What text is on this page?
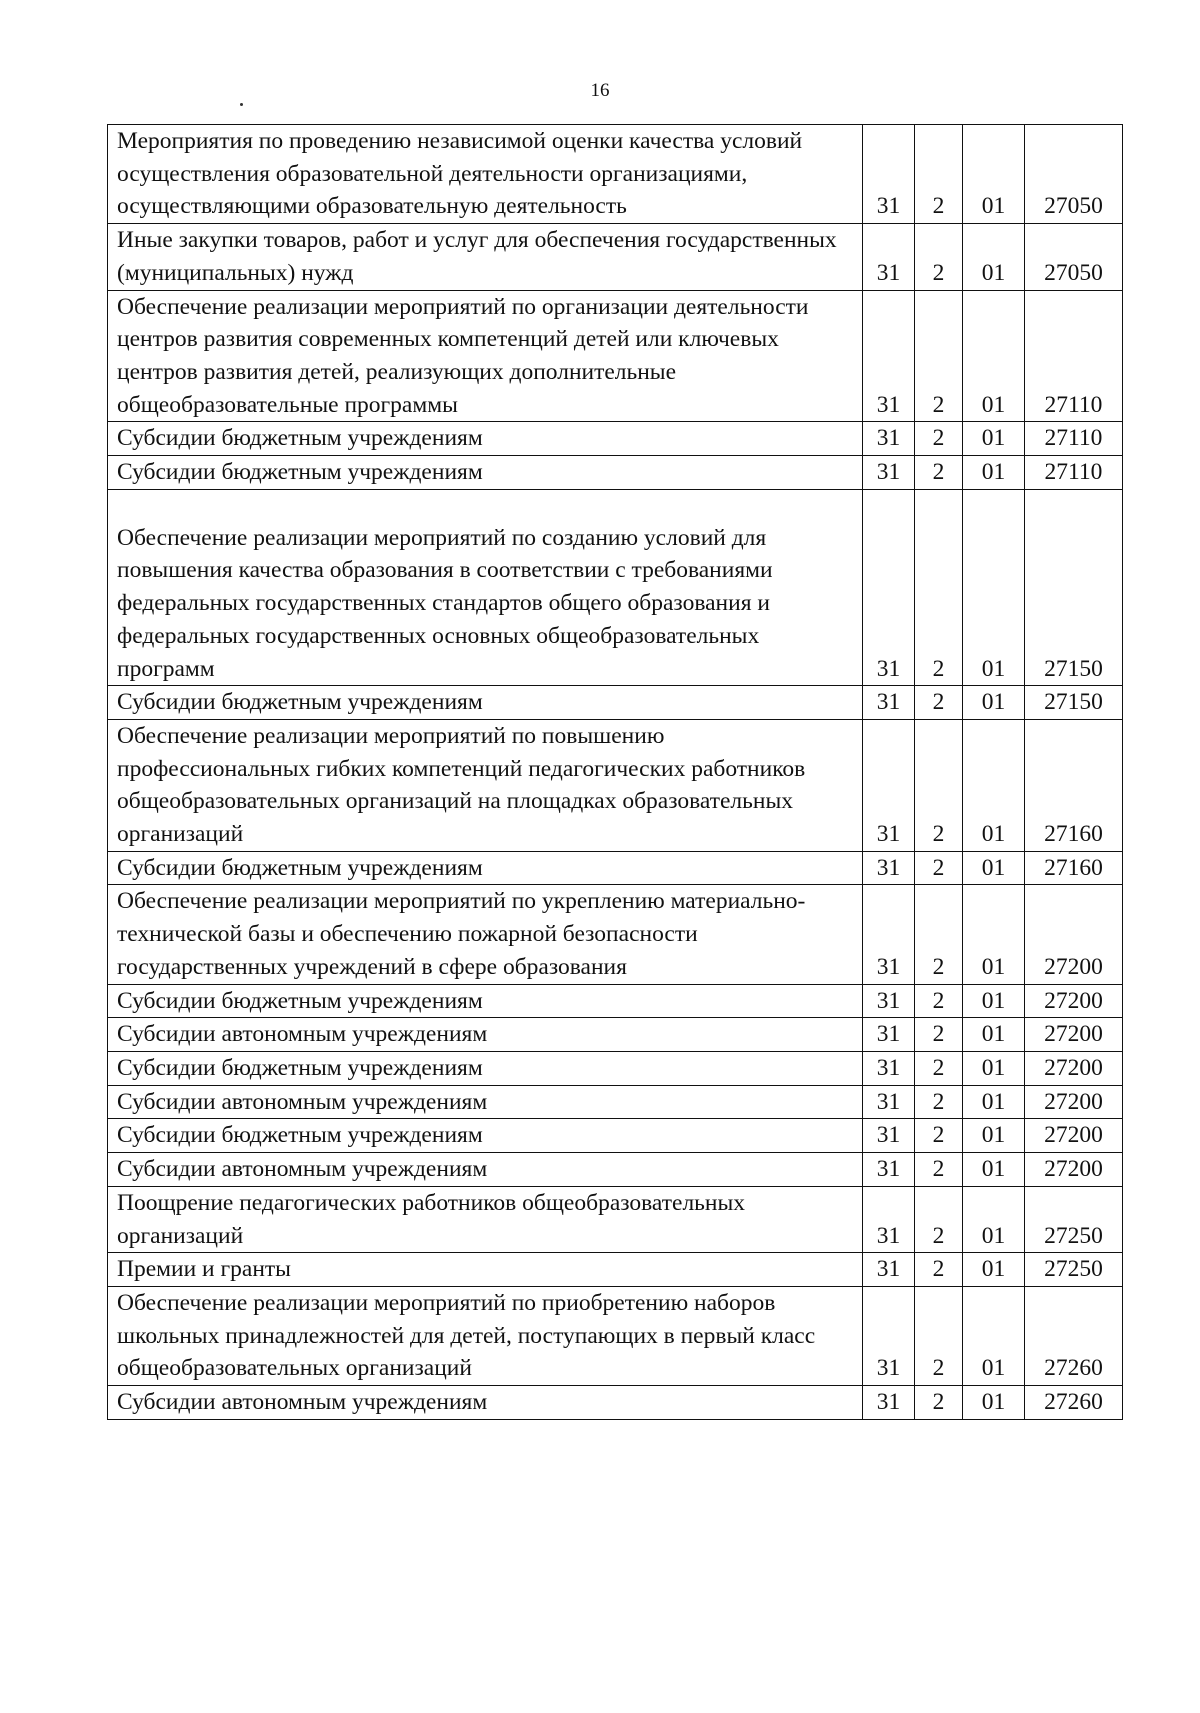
16
Мероприятия по проведению независимой оценки качества условий осуществления образовательной деятельности организациями, осуществляющими образовательную деятельность	31	2	01	27050
Иные закупки товаров, работ и услуг для обеспечения государственных (муниципальных) нужд	31	2	01	27050
Обеспечение реализации мероприятий по организации деятельности центров развития современных компетенций детей или ключевых центров развития детей, реализующих дополнительные общеобразовательные программы	31	2	01	27110
Субсидии бюджетным учреждениям	31	2	01	27110
Субсидии бюджетным учреждениям	31	2	01	27110
Обеспечение реализации мероприятий по созданию условий для повышения качества образования в соответствии с требованиями федеральных государственных стандартов общего образования и федеральных государственных основных общеобразовательных программ	31	2	01	27150
Субсидии бюджетным учреждениям	31	2	01	27150
Обеспечение реализации мероприятий по повышению профессиональных гибких компетенций педагогических работников общеобразовательных организаций на площадках образовательных организаций	31	2	01	27160
Субсидии бюджетным учреждениям	31	2	01	27160
Обеспечение реализации мероприятий по укреплению материально-технической базы и обеспечению пожарной безопасности государственных учреждений в сфере образования	31	2	01	27200
Субсидии бюджетным учреждениям	31	2	01	27200
Субсидии автономным учреждениям	31	2	01	27200
Субсидии бюджетным учреждениям	31	2	01	27200
Субсидии автономным учреждениям	31	2	01	27200
Субсидии бюджетным учреждениям	31	2	01	27200
Субсидии автономным учреждениям	31	2	01	27200
Поощрение педагогических работников общеобразовательных организаций	31	2	01	27250
Премии и гранты	31	2	01	27250
Обеспечение реализации мероприятий по приобретению наборов школьных принадлежностей для детей, поступающих в первый класс общеобразовательных организаций	31	2	01	27260
Субсидии автономным учреждениям	31	2	01	27260
